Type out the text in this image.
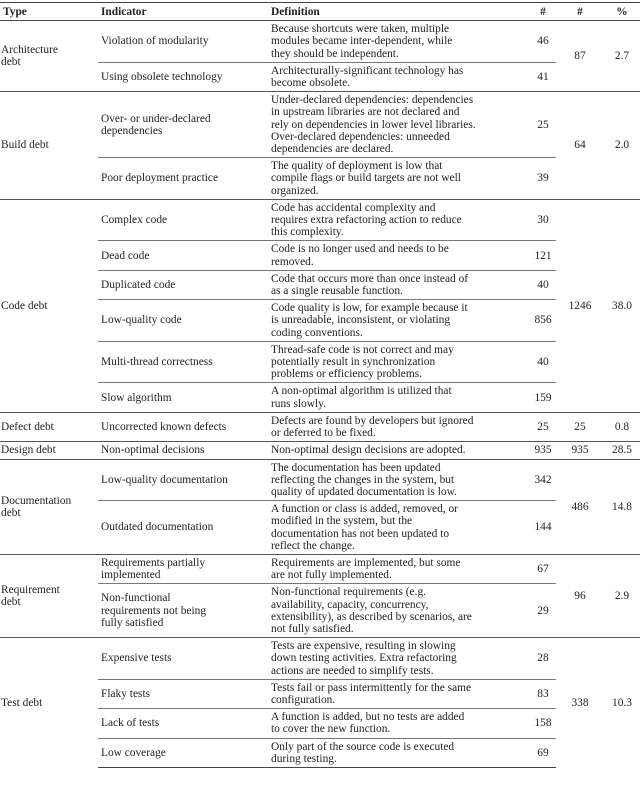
Type	Indicator	Definition	#	#	%

Architecture
debt	Violation of modularity	Because shortcuts were taken, multiple
modules became inter-dependent, while
they should be independent.	46	87	2.7

	Using obsolete technology	Architecturally-significant technology has
become obsolete.	41		

Build debt	Over- or under-declared
dependencies	Under-declared dependencies: dependencies
in upstream libraries are not declared and
rely on dependencies in lower level libraries.
Over-declared dependencies: unneeded
dependencies are declared.	25	64	2.0

	Poor deployment practice	The quality of deployment is low that
compile flags or build targets are not well
organized.	39		

Code debt	Complex code	Code has accidental complexity and
requires extra refactoring action to reduce
this complexity.	30	1246	38.0

	Dead code	Code is no longer used and needs to be
removed.	121		

	Duplicated code	Code that occurs more than once instead of
as a single reusable function.	40		

	Low-quality code	Code quality is low, for example because it
is unreadable, inconsistent, or violating
coding conventions.	856		

	Multi-thread correctness	Thread-safe code is not correct and may
potentially result in synchronization
problems or efficiency problems.	40		

	Slow algorithm	A non-optimal algorithm is utilized that
runs slowly.	159		

Defect debt	Uncorrected known defects	Defects are found by developers but ignored
or deferred to be fixed.	25	25	0.8

Design debt	Non-optimal decisions	Non-optimal design decisions are adopted.	935	935	28.5

Documentation
debt	Low-quality documentation	The documentation has been updated
reflecting the changes in the system, but
quality of updated documentation is low.	342	486	14.8

	Outdated documentation	A function or class is added, removed, or
modified in the system, but the
documentation has not been updated to
reflect the change.	144		

Requirement
debt	Requirements partially
implemented	Requirements are implemented, but some
are not fully implemented.	67	96	2.9

	Non-functional
requirements not being
fully satisfied	Non-functional requirements (e.g.
availability, capacity, concurrency,
extensibility), as described by scenarios, are
not fully satisfied.	29		

Test debt	Expensive tests	Tests are expensive, resulting in slowing
down testing activities. Extra refactoring
actions are needed to simplify tests.	28	338	10.3

	Flaky tests	Tests fail or pass intermittently for the same
configuration.	83		

	Lack of tests	A function is added, but no tests are added
to cover the new function.	158		

	Low coverage	Only part of the source code is executed
during testing.	69		
